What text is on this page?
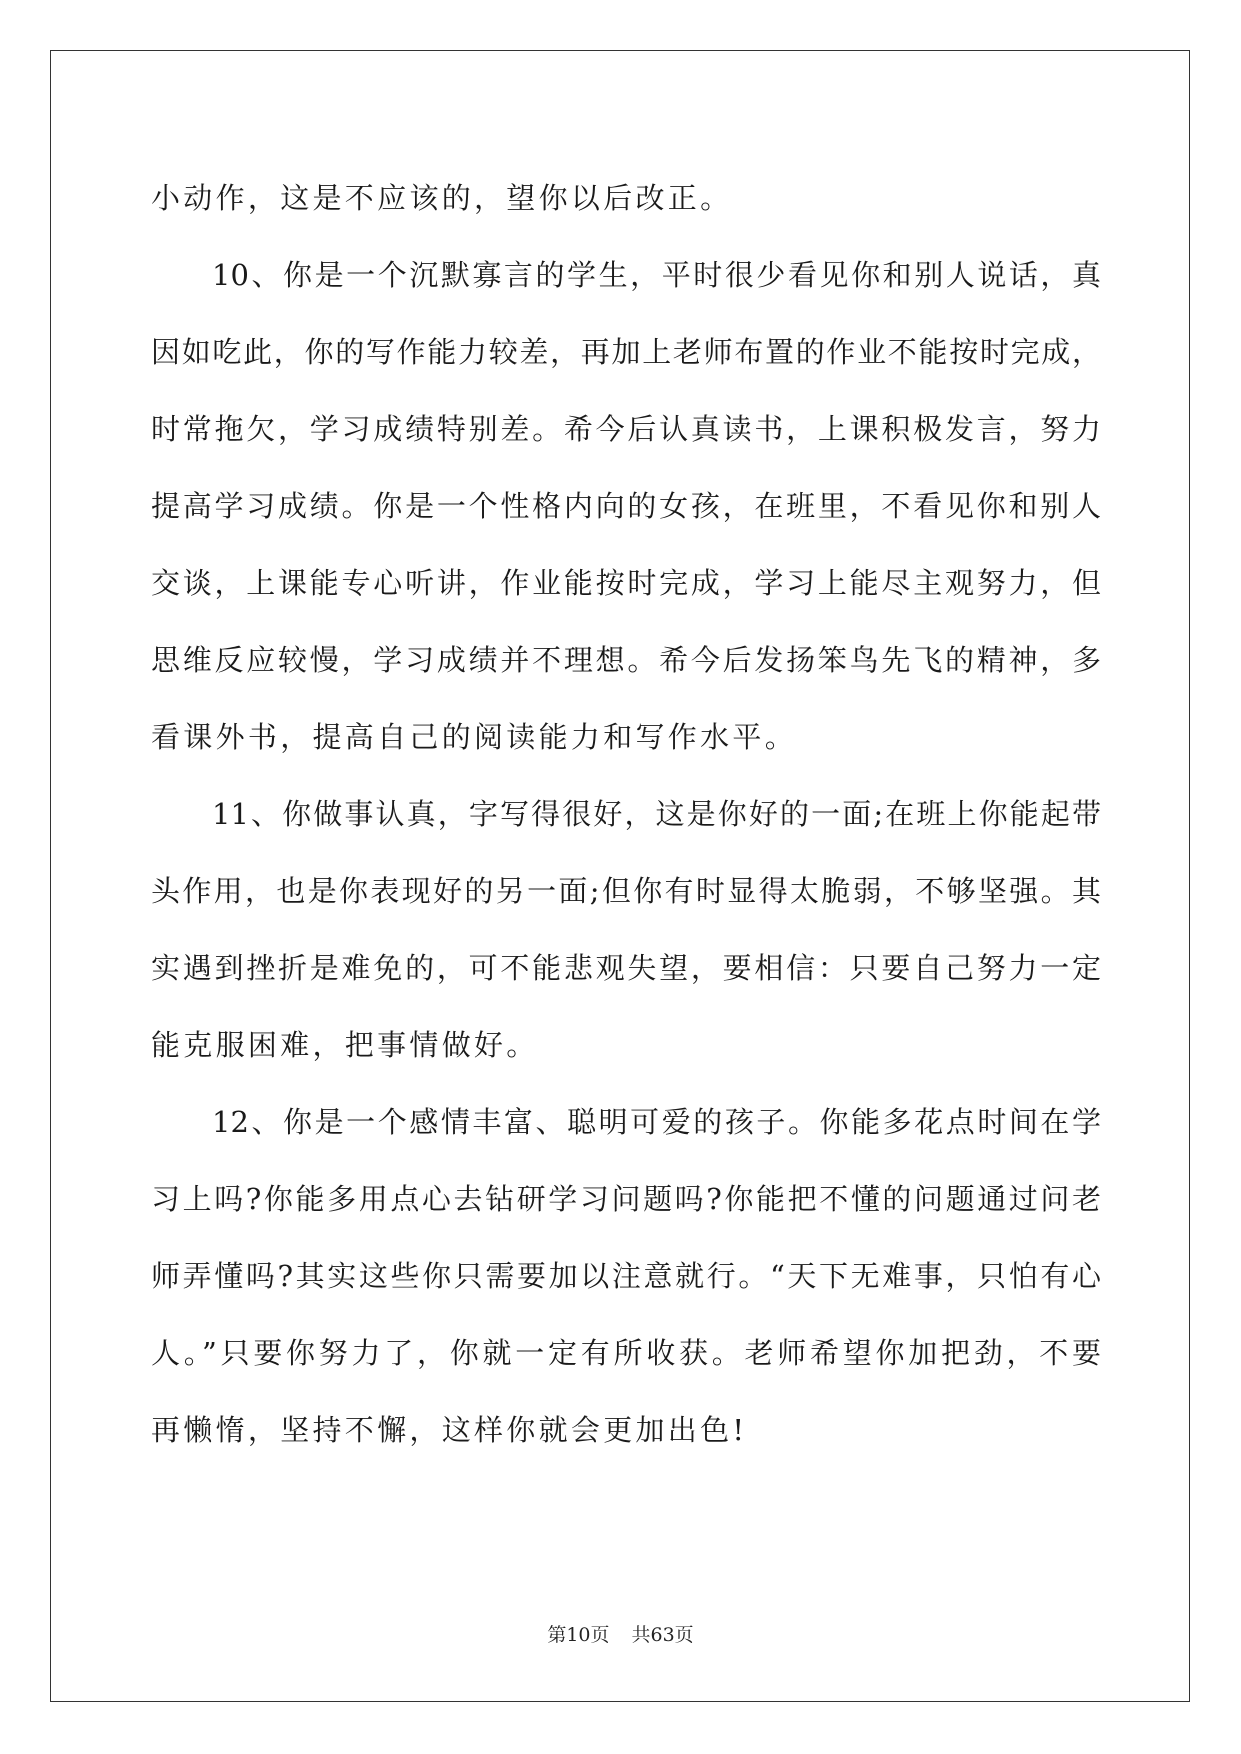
小动作，这是不应该的，望你以后改正。
10、你是一个沉默寡言的学生，平时很少看见你和别人说话，真
因如吃此，你的写作能力较差，再加上老师布置的作业不能按时完成，
时常拖欠，学习成绩特别差。希今后认真读书，上课积极发言，努力
提高学习成绩。你是一个性格内向的女孩，在班里，不看见你和别人
交谈，上课能专心听讲，作业能按时完成，学习上能尽主观努力，但
思维反应较慢，学习成绩并不理想。希今后发扬笨鸟先飞的精神，多
看课外书，提高自己的阅读能力和写作水平。
11、你做事认真，字写得很好，这是你好的一面;在班上你能起带
头作用，也是你表现好的另一面;但你有时显得太脆弱，不够坚强。其
实遇到挫折是难免的，可不能悲观失望，要相信：只要自己努力一定
能克服困难，把事情做好。
12、你是一个感情丰富、聪明可爱的孩子。你能多花点时间在学
习上吗?你能多用点心去钻研学习问题吗?你能把不懂的问题通过问老
师弄懂吗?其实这些你只需要加以注意就行。“天下无难事，只怕有心
人。”只要你努力了，你就一定有所收获。老师希望你加把劲，不要
再懒惰，坚持不懈，这样你就会更加出色!
第10页 共63页
